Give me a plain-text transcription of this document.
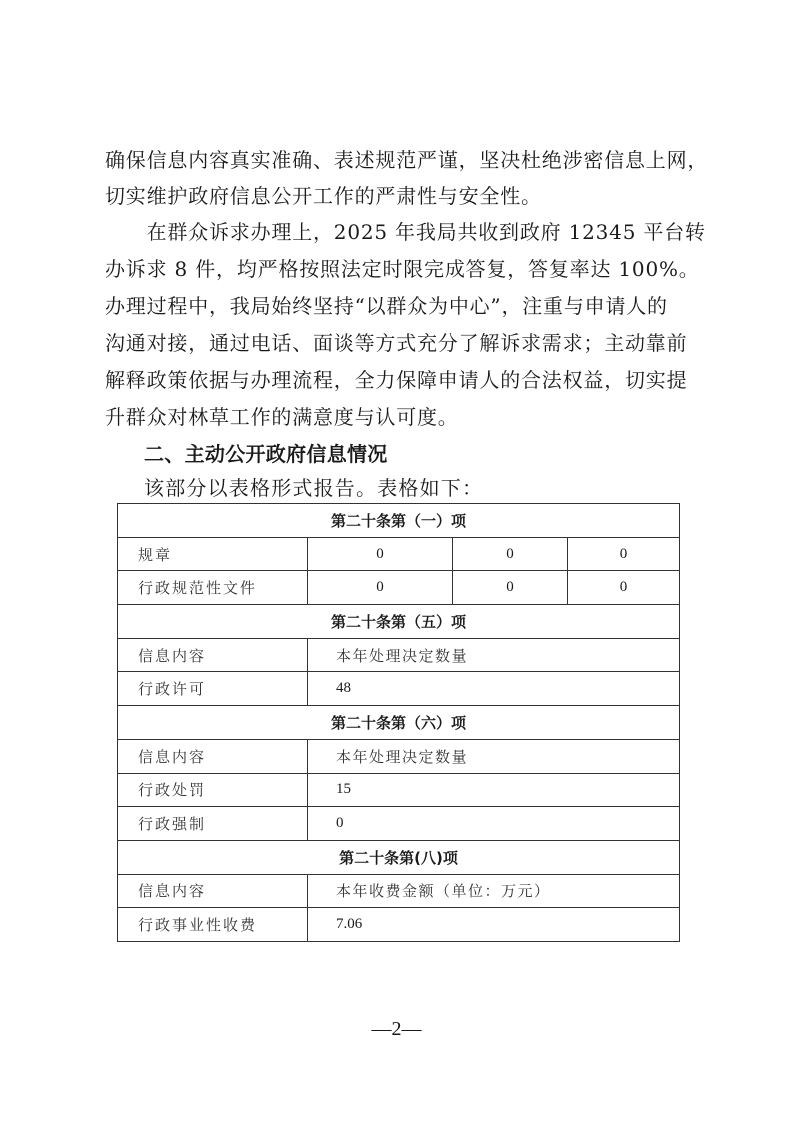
确保信息内容真实准确、表述规范严谨，坚决杜绝涉密信息上网，
切实维护政府信息公开工作的严肃性与安全性。
　　在群众诉求办理上，2025 年我局共收到政府 12345 平台转
办诉求 8 件，均严格按照法定时限完成答复，答复率达 100%。
办理过程中，我局始终坚持“以群众为中心”，注重与申请人的
沟通对接，通过电话、面谈等方式充分了解诉求需求；主动靠前
解释政策依据与办理流程，全力保障申请人的合法权益，切实提
升群众对林草工作的满意度与认可度。
二、主动公开政府信息情况
该部分以表格形式报告。表格如下：
第二十条第（一）项			
规章	0	0	0
行政规范性文件	0	0	0
第二十条第（五）项			
信息内容	本年处理决定数量		
行政许可	48		
第二十条第（六）项			
信息内容	本年处理决定数量		
行政处罚	15		
行政强制	0		
第二十条第(八)项			
信息内容	本年收费金额（单位：万元）		
行政事业性收费	7.06		
—2—
